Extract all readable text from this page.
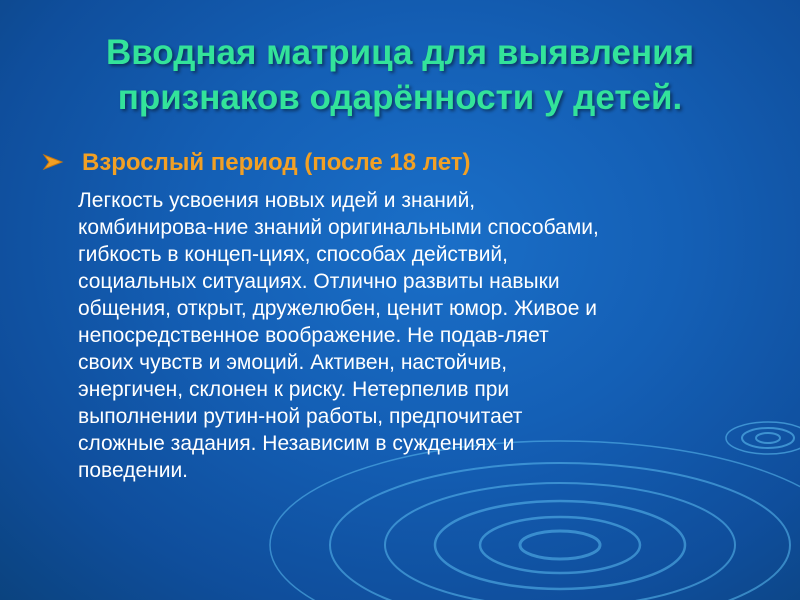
Вводная матрица для выявления
признаков одарённости у детей.
Взрослый период (после 18 лет)
Легкость усвоения новых идей и знаний,
комбинирова-ние знаний оригинальными способами,
гибкость в концеп-циях, способах действий,
социальных ситуациях. Отлично развиты навыки
общения, открыт, дружелюбен, ценит юмор. Живое и
непосредственное воображение. Не подав-ляет
своих чувств и эмоций. Активен, настойчив,
энергичен, склонен к риску. Нетерпелив при
выполнении рутин-ной работы, предпочитает
сложные задания. Независим в суждениях и
поведении.
